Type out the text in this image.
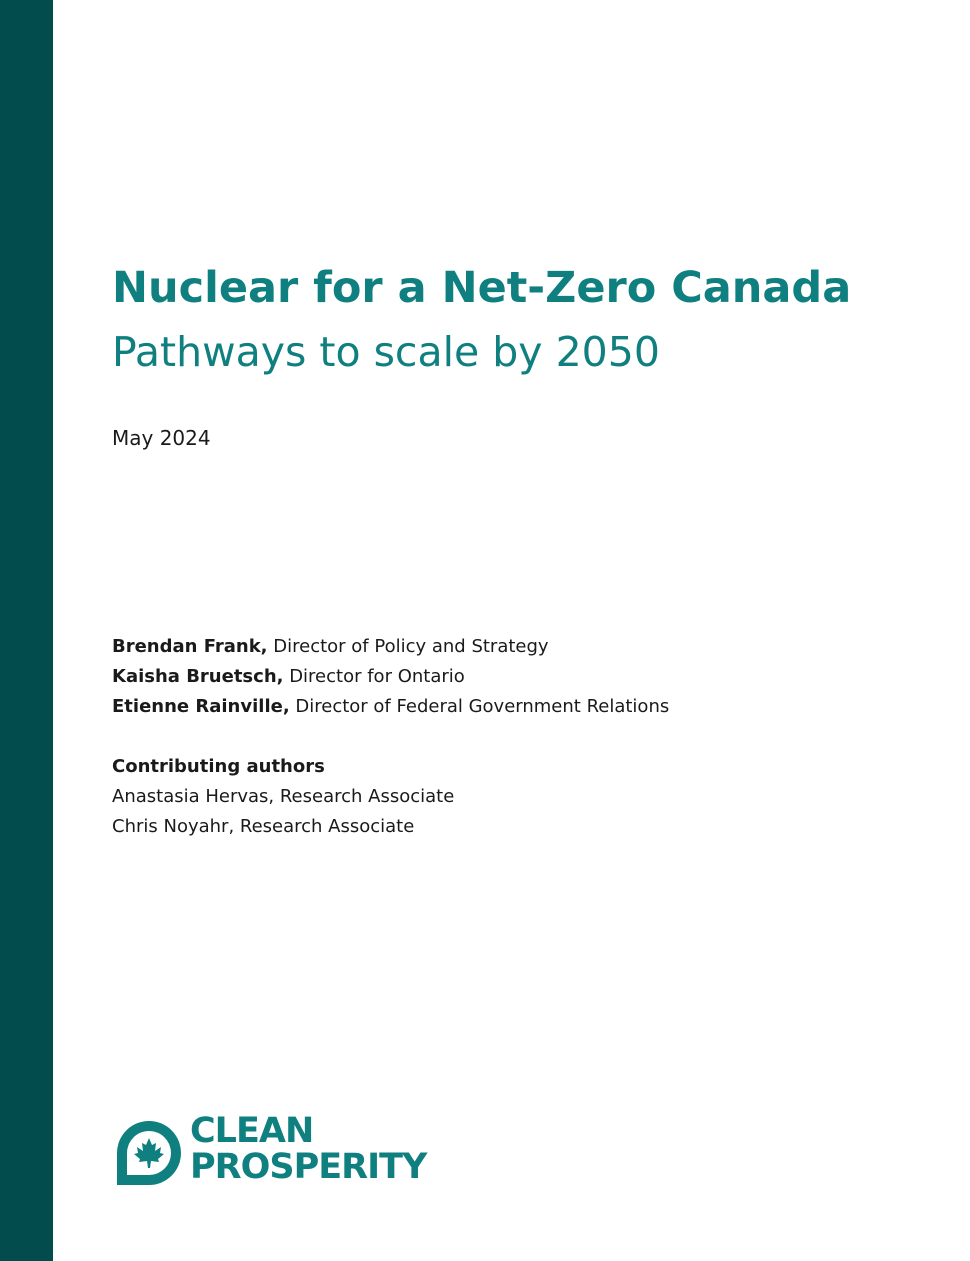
Nuclear for a Net-Zero Canada
Pathways to scale by 2050
May 2024
Brendan Frank, Director of Policy and Strategy
Kaisha Bruetsch, Director for Ontario
Etienne Rainville, Director of Federal Government Relations
Contributing authors
Anastasia Hervas, Research Associate
Chris Noyahr, Research Associate
CLEAN
PROSPERITY
